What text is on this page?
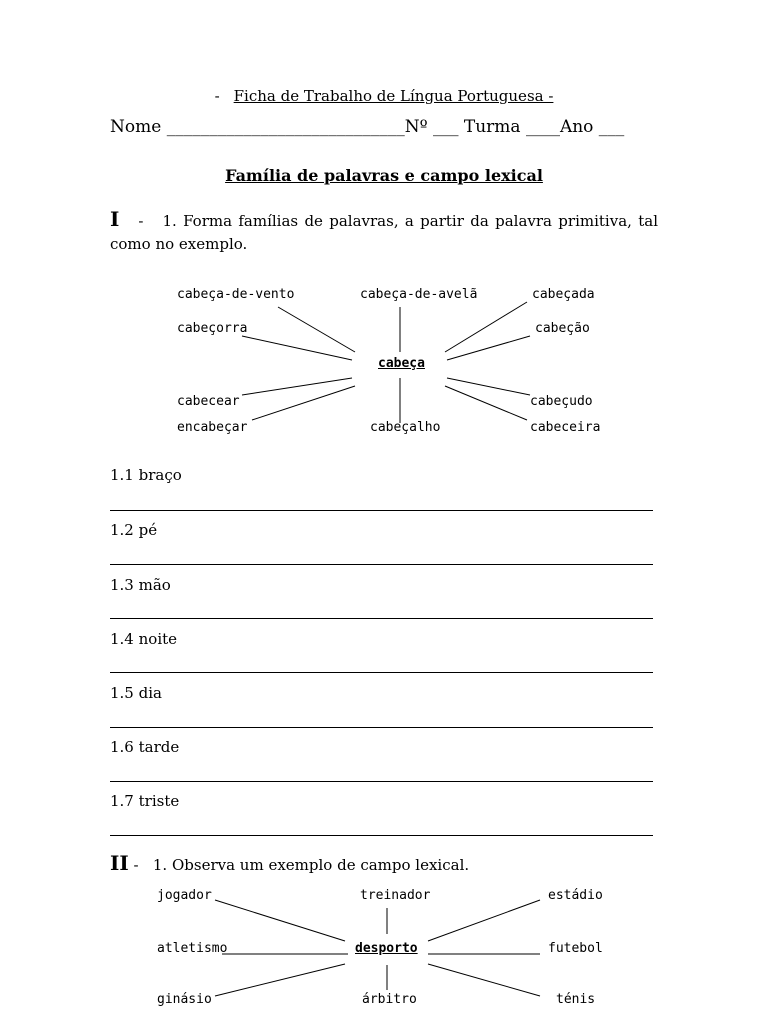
- Ficha de Trabalho de Língua Portuguesa -
Nome ____________________________Nº ___ Turma ____Ano ___
Família de palavras e campo lexical
I - 1. Forma famílias de palavras, a partir da palavra primitiva, tal como no exemplo.
cabeça-de-vento	cabeça-de-avelã	cabeçada
cabeçorra	cabeção
cabeça
cabecear	cabeçudo
encabeçar	cabeçalho	cabeceira
1.1 braço
1.2 pé
1.3 mão
1.4 noite
1.5 dia
1.6 tarde
1.7 triste
II - 1. Observa um exemplo de campo lexical.
jogador	treinador	estádio
atletismo	desporto	futebol
ginásio	árbitro	ténis
